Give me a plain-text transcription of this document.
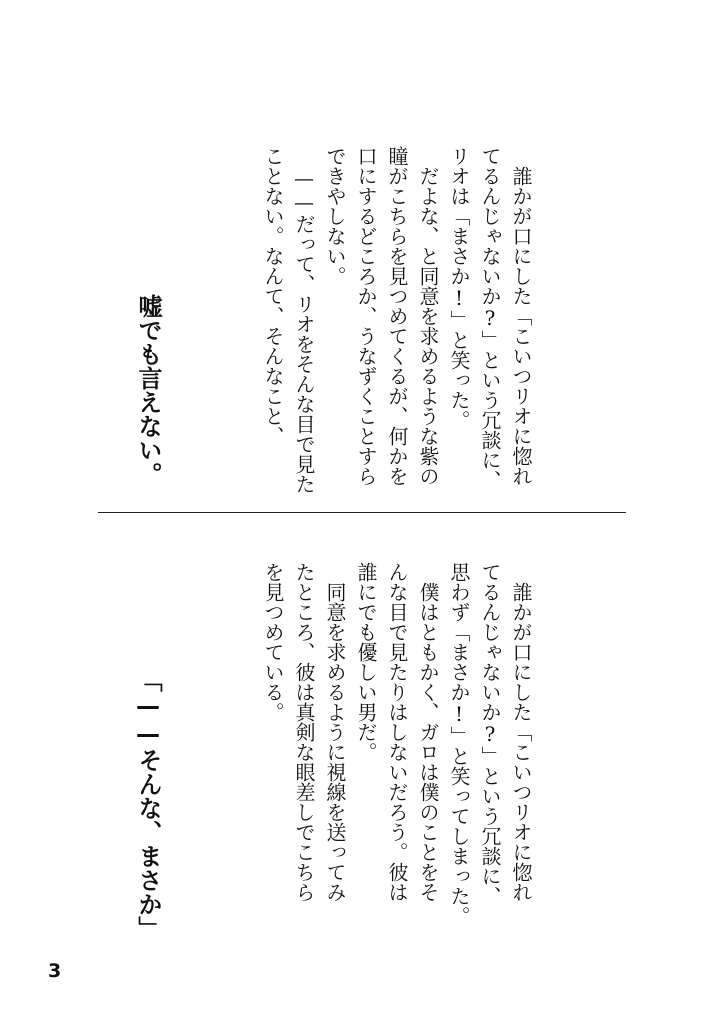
　誰かが口にした「こいつリオに惚れ
てるんじゃないか?」という冗談に、
リオは「まさか!」と笑った。
　だよな、と同意を求めるような紫の
瞳がこちらを見つめてくるが、何かを
口にするどころか、うなずくことすら
できやしない。
　——だって、リオをそんな目で見た
ことない。なんて、そんなこと、
嘘でも言えない。
　誰かが口にした「こいつリオに惚れ
てるんじゃないか?」という冗談に、
思わず「まさか!」と笑ってしまった。
　僕はともかく、ガロは僕のことをそ
んな目で見たりはしないだろう。彼は
誰にでも優しい男だ。
　同意を求めるように視線を送ってみ
たところ、彼は真剣な眼差しでこちら
を見つめている。
「——そんな、まさか」
3
